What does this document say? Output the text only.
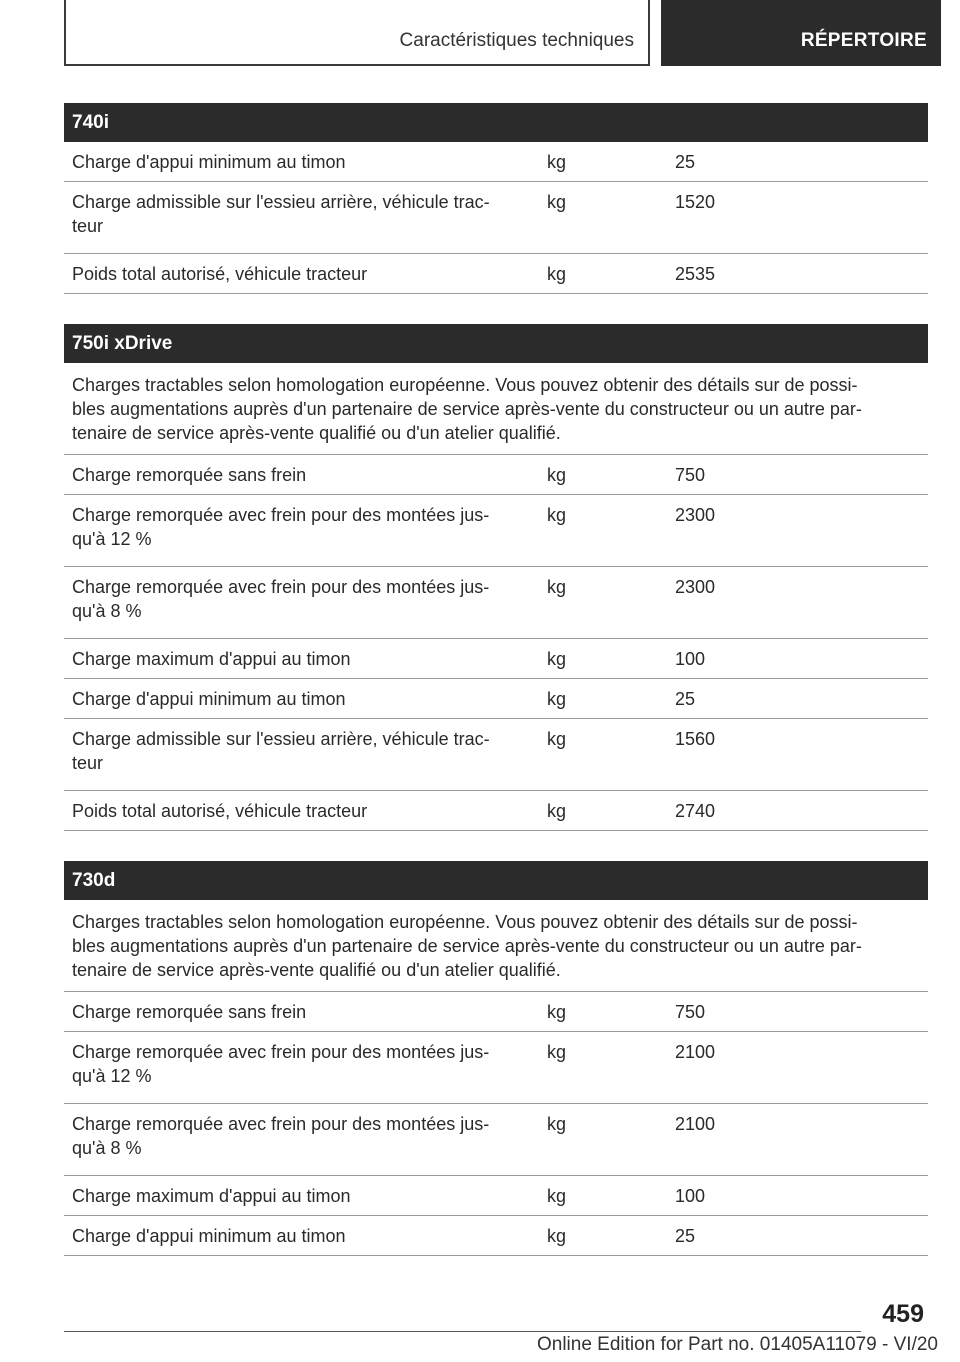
Caractéristiques techniques	RÉPERTOIRE
740i
Charge d'appui minimum au timon	kg	25
Charge admissible sur l'essieu arrière, véhicule trac-
teur
kg	1520
Poids total autorisé, véhicule tracteur	kg	2535
750i xDrive
Charges tractables selon homologation européenne. Vous pouvez obtenir des détails sur de possi-
bles augmentations auprès d'un partenaire de service après-vente du constructeur ou un autre par-
tenaire de service après-vente qualifié ou d'un atelier qualifié.
Charge remorquée sans frein	kg	750
Charge remorquée avec frein pour des montées jus-
qu'à 12 %
kg	2300
Charge remorquée avec frein pour des montées jus-
qu'à 8 %
kg	2300
Charge maximum d'appui au timon	kg	100
Charge d'appui minimum au timon	kg	25
Charge admissible sur l'essieu arrière, véhicule trac-
teur
kg	1560
Poids total autorisé, véhicule tracteur	kg	2740
730d
Charges tractables selon homologation européenne. Vous pouvez obtenir des détails sur de possi-
bles augmentations auprès d'un partenaire de service après-vente du constructeur ou un autre par-
tenaire de service après-vente qualifié ou d'un atelier qualifié.
Charge remorquée sans frein	kg	750
Charge remorquée avec frein pour des montées jus-
qu'à 12 %
kg	2100
Charge remorquée avec frein pour des montées jus-
qu'à 8 %
kg	2100
Charge maximum d'appui au timon	kg	100
Charge d'appui minimum au timon	kg	25
459
Online Edition for Part no. 01405A11079 - VI/20
